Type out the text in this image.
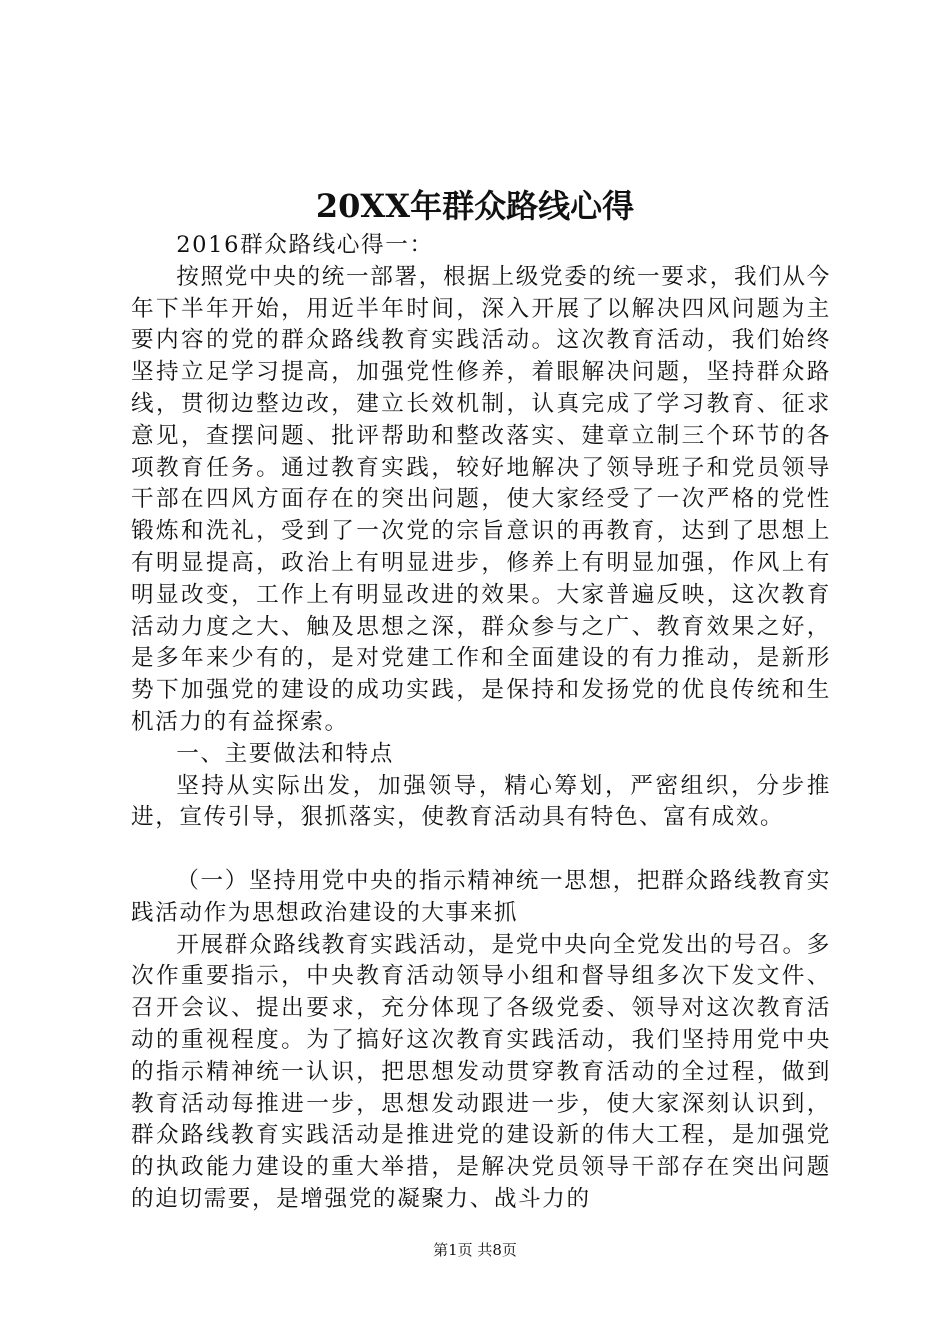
20XX年群众路线心得

2016群众路线心得一：

按照党中央的统一部署，根据上级党委的统一要求，我们从今年下半年开始，用近半年时间，深入开展了以解决四风问题为主要内容的党的群众路线教育实践活动。这次教育活动，我们始终坚持立足学习提高，加强党性修养，着眼解决问题，坚持群众路线，贯彻边整边改，建立长效机制，认真完成了学习教育、征求意见，查摆问题、批评帮助和整改落实、建章立制三个环节的各项教育任务。通过教育实践，较好地解决了领导班子和党员领导干部在四风方面存在的突出问题，使大家经受了一次严格的党性锻炼和洗礼，受到了一次党的宗旨意识的再教育，达到了思想上有明显提高，政治上有明显进步，修养上有明显加强，作风上有明显改变，工作上有明显改进的效果。大家普遍反映，这次教育活动力度之大、触及思想之深，群众参与之广、教育效果之好，是多年来少有的，是对党建工作和全面建设的有力推动，是新形势下加强党的建设的成功实践，是保持和发扬党的优良传统和生机活力的有益探索。

一、主要做法和特点

坚持从实际出发，加强领导，精心筹划，严密组织，分步推进，宣传引导，狠抓落实，使教育活动具有特色、富有成效。

（一）坚持用党中央的指示精神统一思想，把群众路线教育实践活动作为思想政治建设的大事来抓

开展群众路线教育实践活动，是党中央向全党发出的号召。多次作重要指示，中央教育活动领导小组和督导组多次下发文件、召开会议、提出要求，充分体现了各级党委、领导对这次教育活动的重视程度。为了搞好这次教育实践活动，我们坚持用党中央的指示精神统一认识，把思想发动贯穿教育活动的全过程，做到教育活动每推进一步，思想发动跟进一步，使大家深刻认识到，群众路线教育实践活动是推进党的建设新的伟大工程，是加强党的执政能力建设的重大举措，是解决党员领导干部存在突出问题的迫切需要，是增强党的凝聚力、战斗力的

第1页 共8页
